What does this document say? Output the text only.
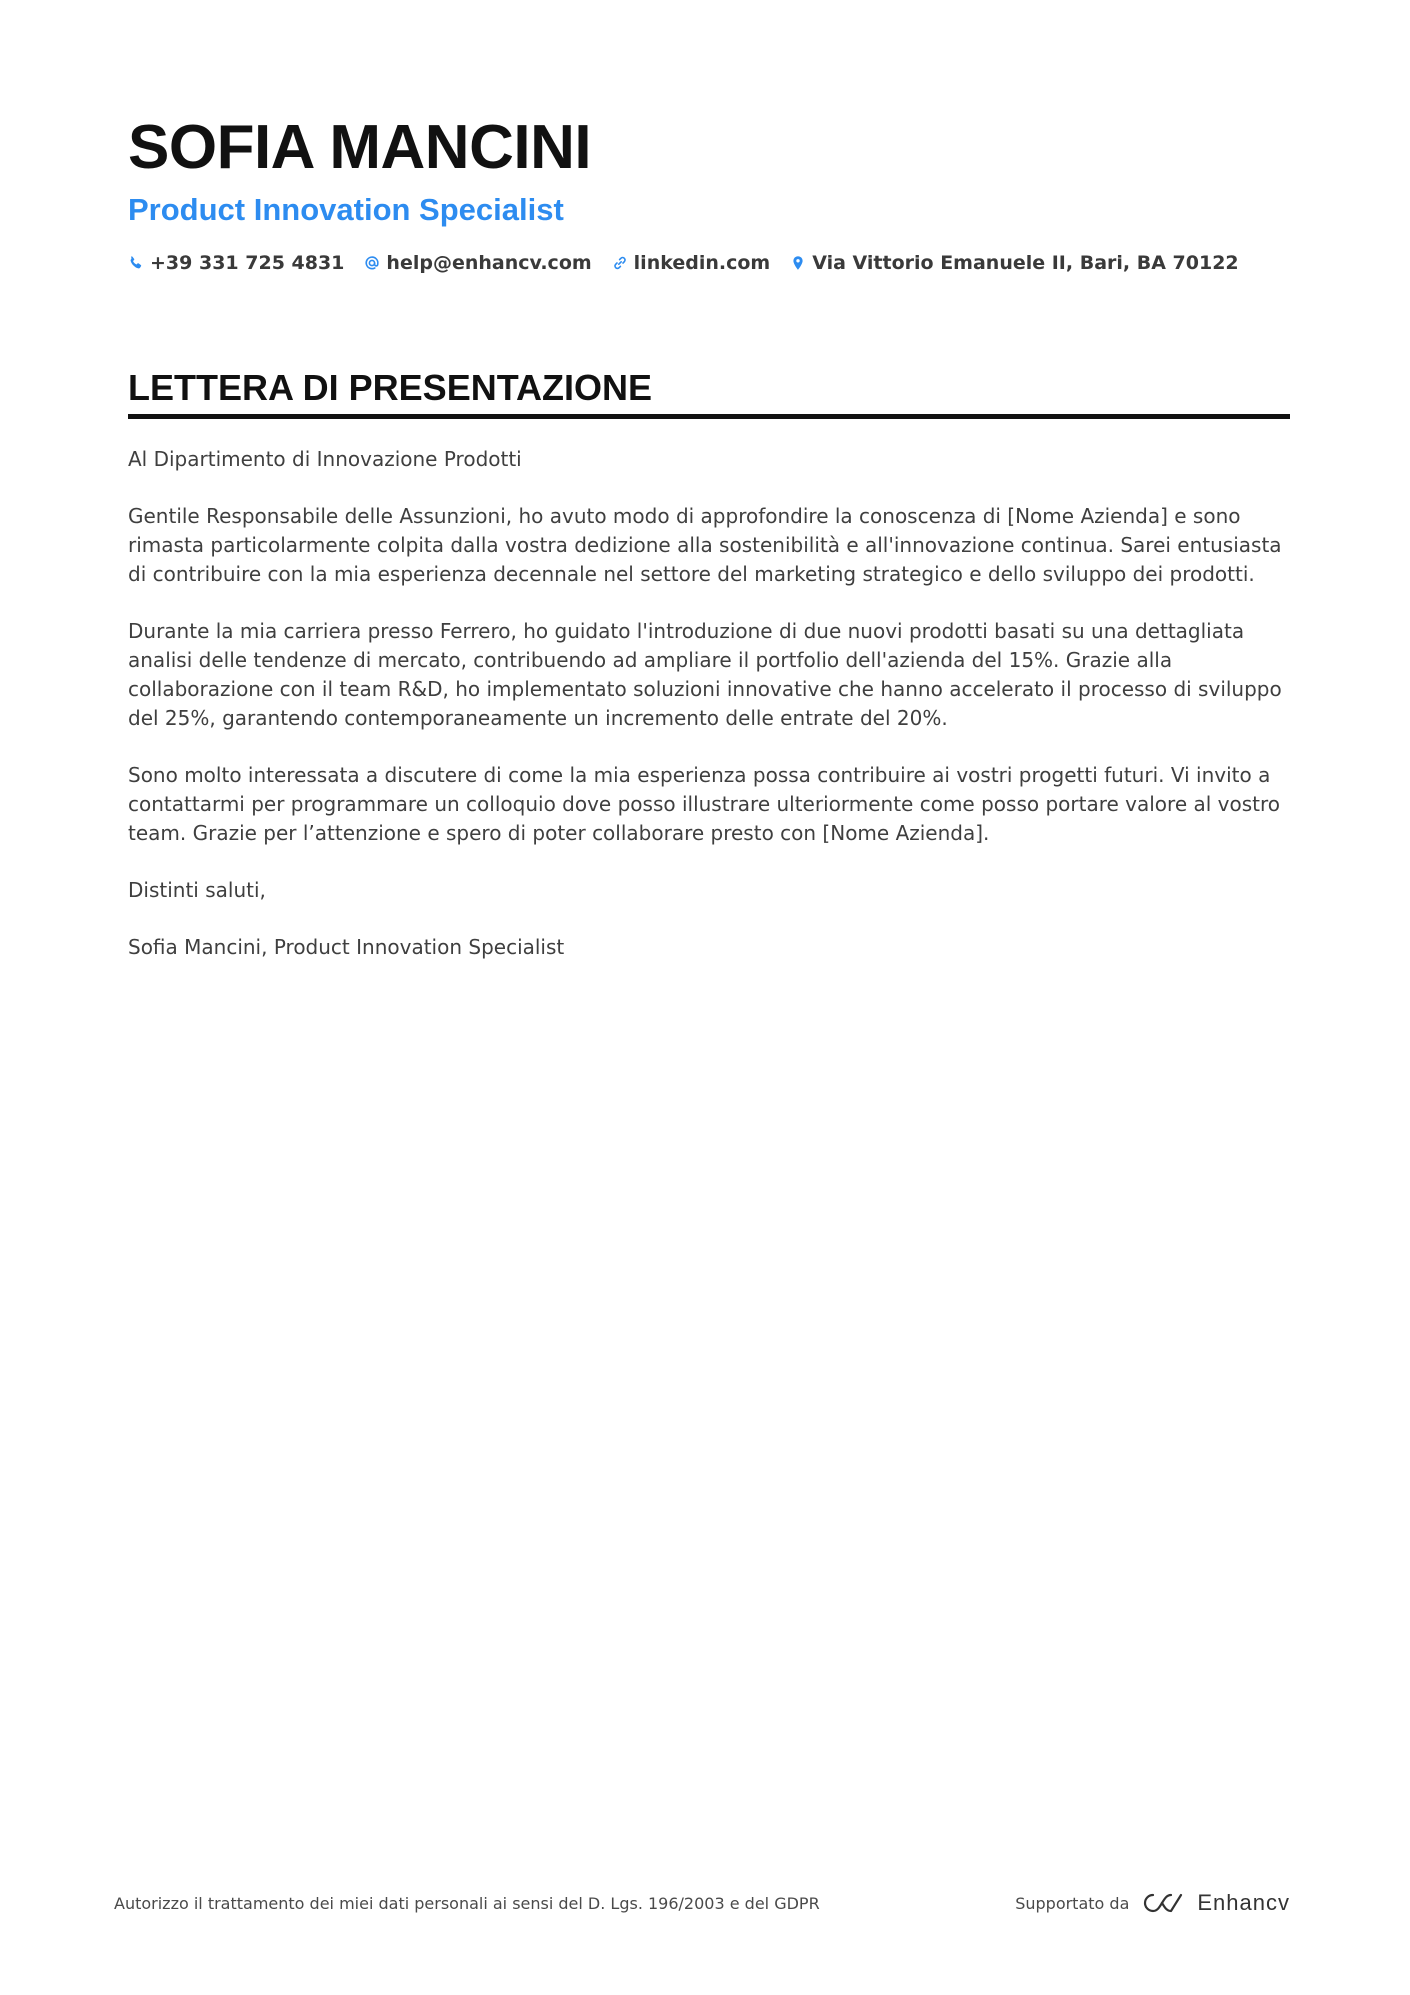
SOFIA MANCINI
Product Innovation Specialist
+39 331 725 4831 help@enhancv.com linkedin.com Via Vittorio Emanuele II, Bari, BA 70122
LETTERA DI PRESENTAZIONE

Al Dipartimento di Innovazione Prodotti

Gentile Responsabile delle Assunzioni, ho avuto modo di approfondire la conoscenza di [Nome Azienda] e sono rimasta particolarmente colpita dalla vostra dedizione alla sostenibilità e all'innovazione continua. Sarei entusiasta di contribuire con la mia esperienza decennale nel settore del marketing strategico e dello sviluppo dei prodotti.

Durante la mia carriera presso Ferrero, ho guidato l'introduzione di due nuovi prodotti basati su una dettagliata analisi delle tendenze di mercato, contribuendo ad ampliare il portfolio dell'azienda del 15%. Grazie alla collaborazione con il team R&D, ho implementato soluzioni innovative che hanno accelerato il processo di sviluppo del 25%, garantendo contemporaneamente un incremento delle entrate del 20%.

Sono molto interessata a discutere di come la mia esperienza possa contribuire ai vostri progetti futuri. Vi invito a contattarmi per programmare un colloquio dove posso illustrare ulteriormente come posso portare valore al vostro team. Grazie per l’attenzione e spero di poter collaborare presto con [Nome Azienda].

Distinti saluti,

Sofia Mancini, Product Innovation Specialist

Autorizzo il trattamento dei miei dati personali ai sensi del D. Lgs. 196/2003 e del GDPR	Supportato da	Enhancv
